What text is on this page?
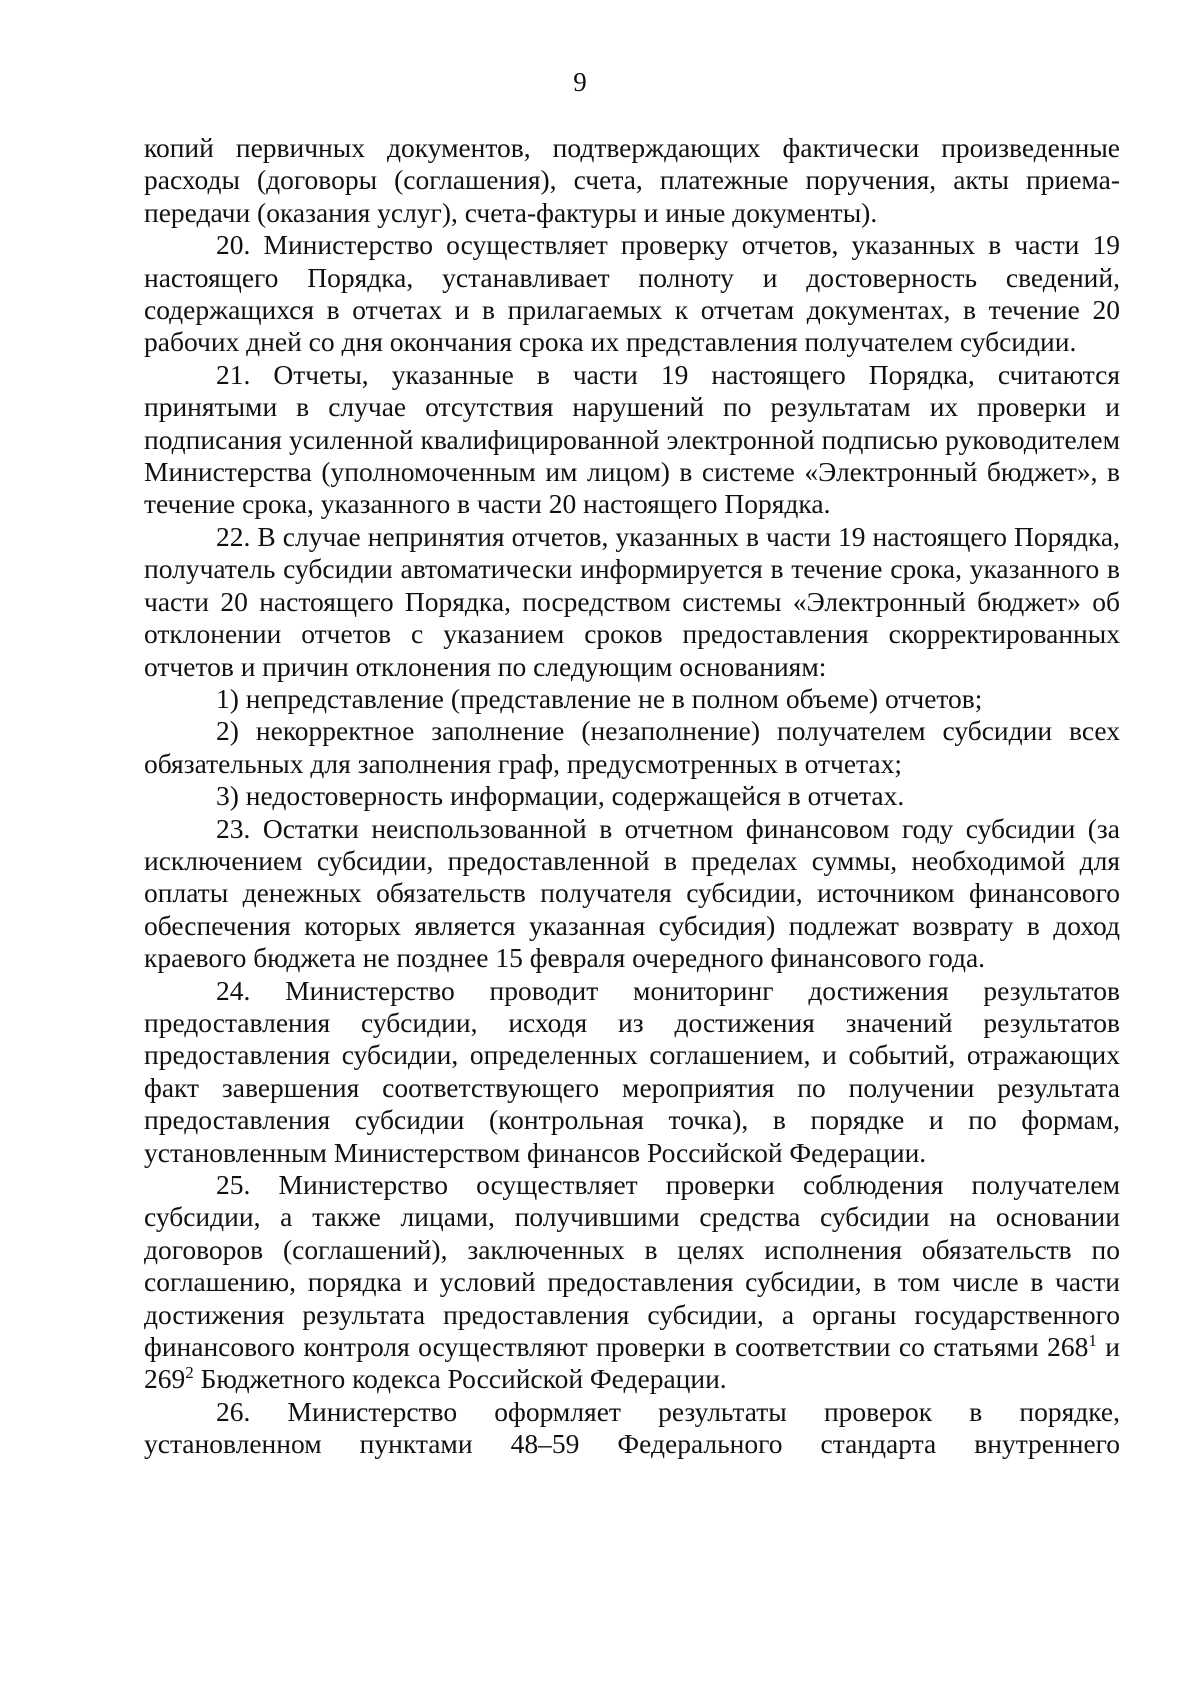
9

копий первичных документов, подтверждающих фактически произведенные расходы (договоры (соглашения), счета, платежные поручения, акты приема-передачи (оказания услуг), счета-фактуры и иные документы).

20. Министерство осуществляет проверку отчетов, указанных в части 19 настоящего Порядка, устанавливает полноту и достоверность сведений, содержащихся в отчетах и в прилагаемых к отчетам документах, в течение 20 рабочих дней со дня окончания срока их представления получателем субсидии.

21. Отчеты, указанные в части 19 настоящего Порядка, считаются принятыми в случае отсутствия нарушений по результатам их проверки и подписания усиленной квалифицированной электронной подписью руководителем Министерства (уполномоченным им лицом) в системе «Электронный бюджет», в течение срока, указанного в части 20 настоящего Порядка.

22. В случае непринятия отчетов, указанных в части 19 настоящего Порядка, получатель субсидии автоматически информируется в течение срока, указанного в части 20 настоящего Порядка, посредством системы «Электронный бюджет» об отклонении отчетов с указанием сроков предоставления скорректированных отчетов и причин отклонения по следующим основаниям:

1) непредставление (представление не в полном объеме) отчетов;

2) некорректное заполнение (незаполнение) получателем субсидии всех обязательных для заполнения граф, предусмотренных в отчетах;

3) недостоверность информации, содержащейся в отчетах.

23. Остатки неиспользованной в отчетном финансовом году субсидии (за исключением субсидии, предоставленной в пределах суммы, необходимой для оплаты денежных обязательств получателя субсидии, источником финансового обеспечения которых является указанная субсидия) подлежат возврату в доход краевого бюджета не позднее 15 февраля очередного финансового года.

24. Министерство проводит мониторинг достижения результатов предоставления субсидии, исходя из достижения значений результатов предоставления субсидии, определенных соглашением, и событий, отражающих факт завершения соответствующего мероприятия по получении результата предоставления субсидии (контрольная точка), в порядке и по формам, установленным Министерством финансов Российской Федерации.

25. Министерство осуществляет проверки соблюдения получателем субсидии, а также лицами, получившими средства субсидии на основании договоров (соглашений), заключенных в целях исполнения обязательств по соглашению, порядка и условий предоставления субсидии, в том числе в части достижения результата предоставления субсидии, а органы государственного финансового контроля осуществляют проверки в соответствии со статьями $268^1$ и $269^2$ Бюджетного кодекса Российской Федерации.

26. Министерство оформляет результаты проверок в порядке, установленном пунктами 48–59 Федерального стандарта внутреннего
